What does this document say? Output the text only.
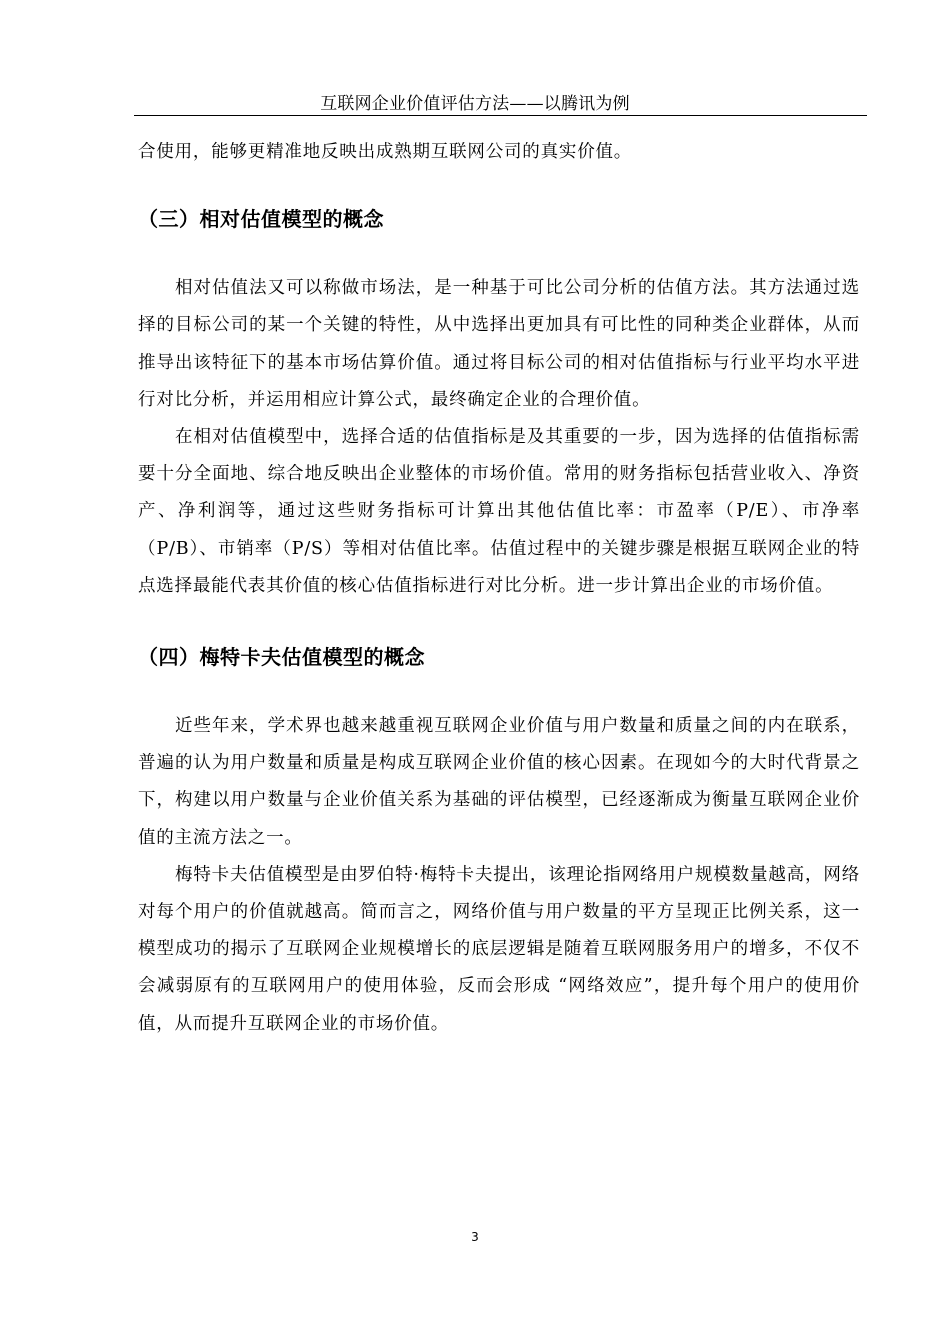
互联网企业价值评估方法——以腾讯为例

合使用，能够更精准地反映出成熟期互联网公司的真实价值。

（三）相对估值模型的概念

相对估值法又可以称做市场法，是一种基于可比公司分析的估值方法。其方法通过选择的目标公司的某一个关键的特性，从中选择出更加具有可比性的同种类企业群体，从而推导出该特征下的基本市场估算价值。通过将目标公司的相对估值指标与行业平均水平进行对比分析，并运用相应计算公式，最终确定企业的合理价值。

在相对估值模型中，选择合适的估值指标是及其重要的一步，因为选择的估值指标需要十分全面地、综合地反映出企业整体的市场价值。常用的财务指标包括营业收入、净资产、净利润等，通过这些财务指标可计算出其他估值比率：市盈率（P/E）、市净率（P/B）、市销率（P/S）等相对估值比率。估值过程中的关键步骤是根据互联网企业的特点选择最能代表其价值的核心估值指标进行对比分析。进一步计算出企业的市场价值。

（四）梅特卡夫估值模型的概念

近些年来，学术界也越来越重视互联网企业价值与用户数量和质量之间的内在联系，普遍的认为用户数量和质量是构成互联网企业价值的核心因素。在现如今的大时代背景之下，构建以用户数量与企业价值关系为基础的评估模型，已经逐渐成为衡量互联网企业价值的主流方法之一。

梅特卡夫估值模型是由罗伯特·梅特卡夫提出，该理论指网络用户规模数量越高，网络对每个用户的价值就越高。简而言之，网络价值与用户数量的平方呈现正比例关系，这一模型成功的揭示了互联网企业规模增长的底层逻辑是随着互联网服务用户的增多，不仅不会减弱原有的互联网用户的使用体验，反而会形成 “网络效应”，提升每个用户的使用价值，从而提升互联网企业的市场价值。

3
